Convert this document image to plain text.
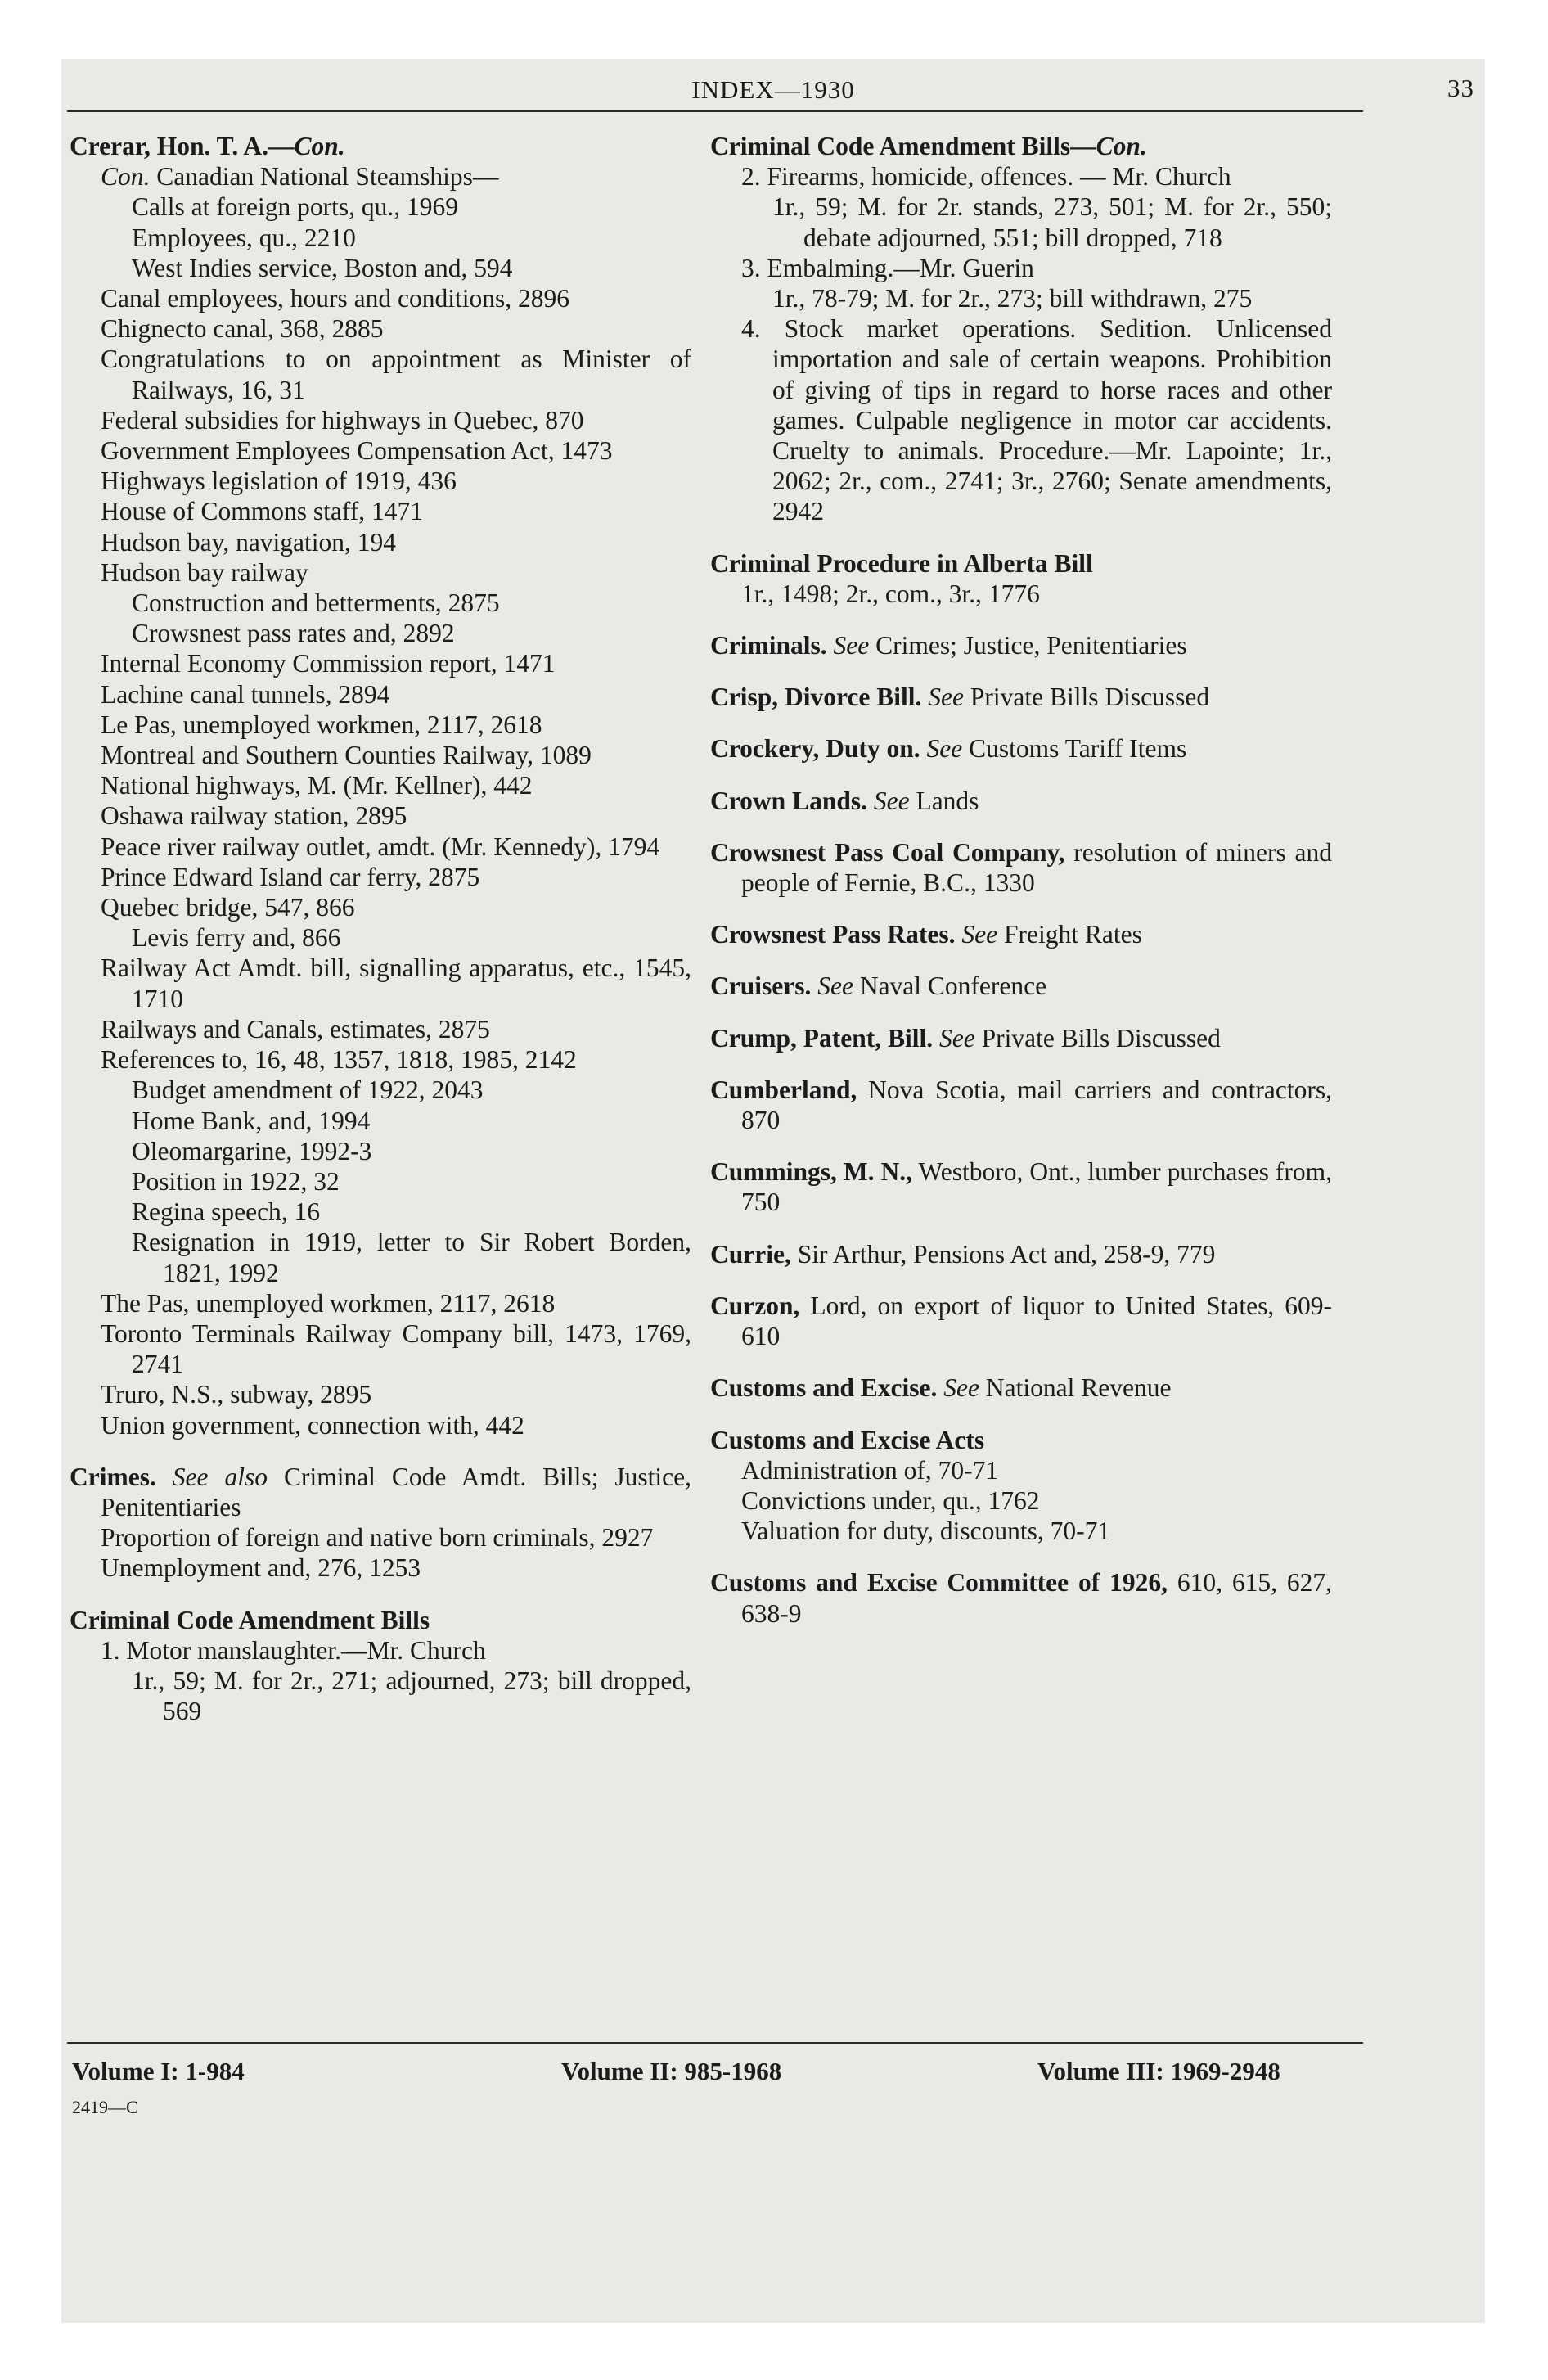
INDEX—1930	33
Crerar, Hon. T. A.—Con.
Con. Canadian National Steamships—
Calls at foreign ports, qu., 1969
Employees, qu., 2210
West Indies service, Boston and, 594
Canal employees, hours and conditions, 2896
Chignecto canal, 368, 2885
Congratulations to on appointment as Minister of Railways, 16, 31
Federal subsidies for highways in Quebec, 870
Government Employees Compensation Act, 1473
Highways legislation of 1919, 436
House of Commons staff, 1471
Hudson bay, navigation, 194
Hudson bay railway
Construction and betterments, 2875
Crowsnest pass rates and, 2892
Internal Economy Commission report, 1471
Lachine canal tunnels, 2894
Le Pas, unemployed workmen, 2117, 2618
Montreal and Southern Counties Railway, 1089
National highways, M. (Mr. Kellner), 442
Oshawa railway station, 2895
Peace river railway outlet, amdt. (Mr. Kennedy), 1794
Prince Edward Island car ferry, 2875
Quebec bridge, 547, 866
Levis ferry and, 866
Railway Act Amdt. bill, signalling apparatus, etc., 1545, 1710
Railways and Canals, estimates, 2875
References to, 16, 48, 1357, 1818, 1985, 2142
Budget amendment of 1922, 2043
Home Bank, and, 1994
Oleomargarine, 1992-3
Position in 1922, 32
Regina speech, 16
Resignation in 1919, letter to Sir Robert Borden, 1821, 1992
The Pas, unemployed workmen, 2117, 2618
Toronto Terminals Railway Company bill, 1473, 1769, 2741
Truro, N.S., subway, 2895
Union government, connection with, 442
Crimes. See also Criminal Code Amdt. Bills; Justice, Penitentiaries
Proportion of foreign and native born criminals, 2927
Unemployment and, 276, 1253
Criminal Code Amendment Bills
1. Motor manslaughter.—Mr. Church
1r., 59; M. for 2r., 271; adjourned, 273; bill dropped, 569
Criminal Code Amendment Bills—Con.
2. Firearms, homicide, offences. — Mr. Church
1r., 59; M. for 2r. stands, 273, 501; M. for 2r., 550; debate adjourned, 551; bill dropped, 718
3. Embalming.—Mr. Guerin
1r., 78-79; M. for 2r., 273; bill withdrawn, 275
4. Stock market operations. Sedition. Unlicensed importation and sale of certain weapons. Prohibition of giving of tips in regard to horse races and other games. Culpable negligence in motor car accidents. Cruelty to animals. Procedure.—Mr. Lapointe; 1r., 2062; 2r., com., 2741; 3r., 2760; Senate amendments, 2942
Criminal Procedure in Alberta Bill
1r., 1498; 2r., com., 3r., 1776
Criminals. See Crimes; Justice, Penitentiaries
Crisp, Divorce Bill. See Private Bills Discussed
Crockery, Duty on. See Customs Tariff Items
Crown Lands. See Lands
Crowsnest Pass Coal Company, resolution of miners and people of Fernie, B.C., 1330
Crowsnest Pass Rates. See Freight Rates
Cruisers. See Naval Conference
Crump, Patent, Bill. See Private Bills Discussed
Cumberland, Nova Scotia, mail carriers and contractors, 870
Cummings, M. N., Westboro, Ont., lumber purchases from, 750
Currie, Sir Arthur, Pensions Act and, 258-9, 779
Curzon, Lord, on export of liquor to United States, 609-610
Customs and Excise. See National Revenue
Customs and Excise Acts
Administration of, 70-71
Convictions under, qu., 1762
Valuation for duty, discounts, 70-71
Customs and Excise Committee of 1926, 610, 615, 627, 638-9
Volume I: 1-984	Volume II: 985-1968	Volume III: 1969-2948
2419—C
